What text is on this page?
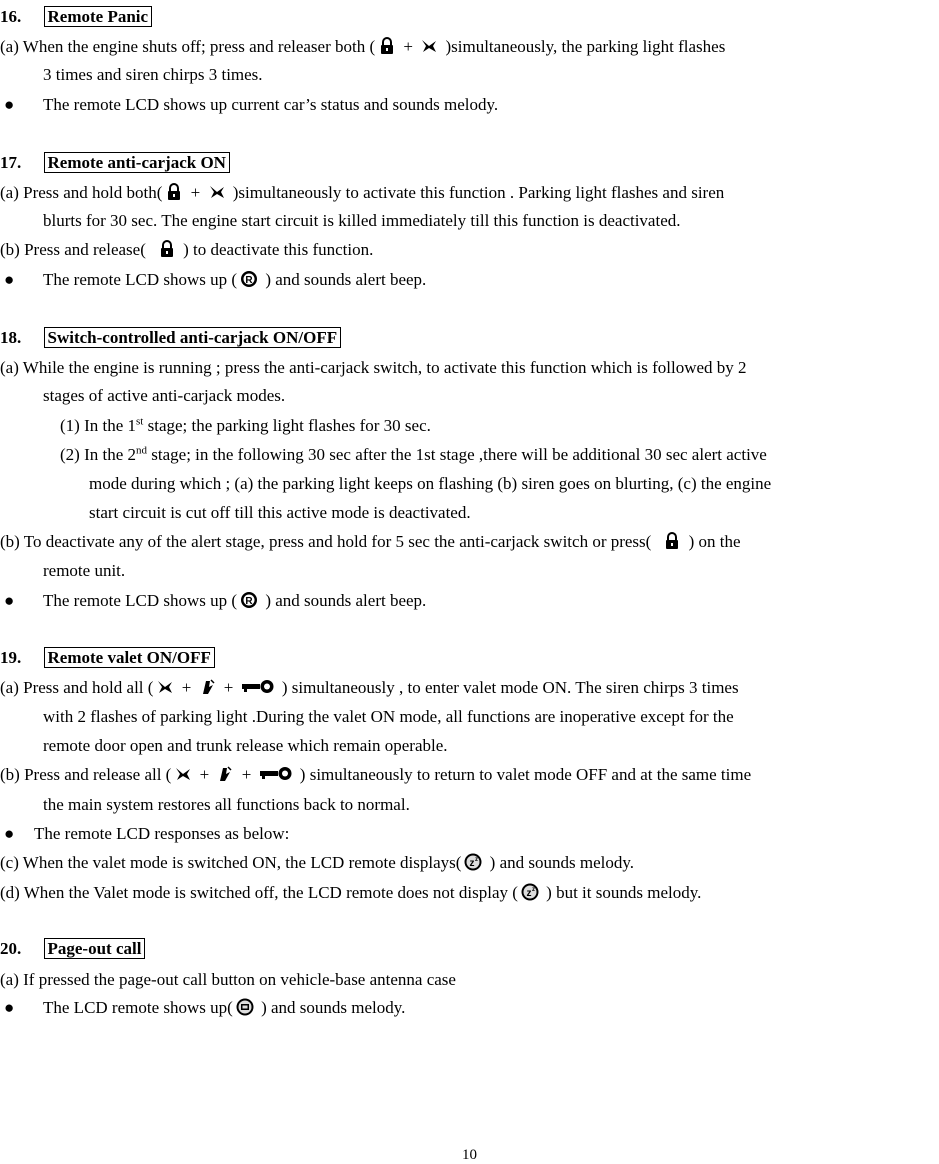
16. Remote Panic
(a) When the engine shuts off; press and releaser both (
+
)simultaneously, the parking light flashes
3 times and siren chirps 3 times.
● The remote LCD shows up current car’s status and sounds melody.
17. Remote anti-carjack ON
(a) Press and hold both(
+
)simultaneously to activate this function . Parking light flashes and siren
blurts for 30 sec. The engine start circuit is killed immediately till this function is deactivated.
(b) Press and release(
) to deactivate this function.
● The remote LCD shows up ( R ) and sounds alert beep.
18. Switch-controlled anti-carjack ON/OFF
(a) While the engine is running ; press the anti-carjack switch, to activate this function which is followed by 2
stages of active anti-carjack modes.
(1) In the 1st stage; the parking light flashes for 30 sec.
(2) In the 2nd stage; in the following 30 sec after the 1st stage ,there will be additional 30 sec alert active
mode during which ; (a) the parking light keeps on flashing (b) siren goes on blurting, (c) the engine
start circuit is cut off till this active mode is deactivated.
(b) To deactivate any of the alert stage, press and hold for 5 sec the anti-carjack switch or press(
) on the
remote unit.
● The remote LCD shows up ( R ) and sounds alert beep.
19. Remote valet ON/OFF
(a) Press and hold all (
+
+
) simultaneously , to enter valet mode ON. The siren chirps 3 times
with 2 flashes of parking light .During the valet ON mode, all functions are inoperative except for the
remote door open and trunk release which remain operable.
(b) Press and release all (
+
+
) simultaneously to return to valet mode OFF and at the same time
the main system restores all functions back to normal.
● The remote LCD responses as below:
(c) When the valet mode is switched ON, the LCD remote displays( z z ) and sounds melody.
(d) When the Valet mode is switched off, the LCD remote does not display ( z z ) but it sounds melody.
20. Page-out call
(a) If pressed the page-out call button on vehicle-base antenna case
● The LCD remote shows up(
) and sounds melody.
10
